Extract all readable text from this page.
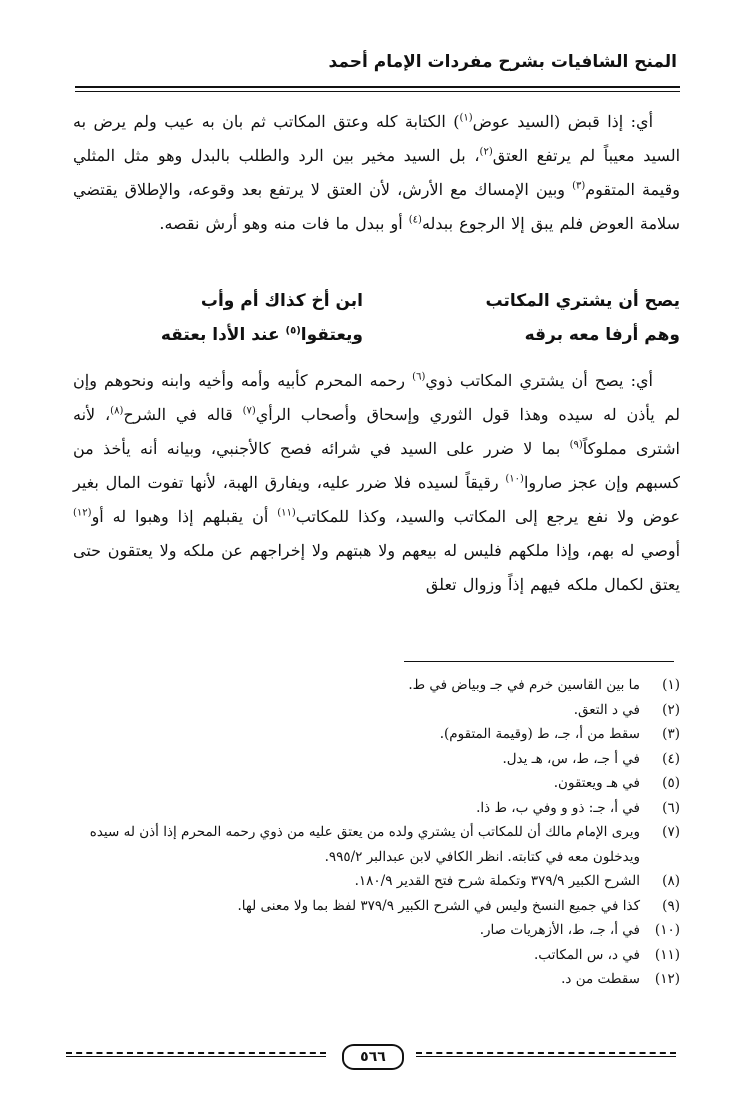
المنح الشافيات بشرح مفردات الإمام أحمد
أي: إذا قبض (السيد عوض$^{(١)}$) الكتابة كله وعتق المكاتب ثم بان به عيب ولم يرض به السيد معيباً لم يرتفع العتق$^{(٢)}$، بل السيد مخير بين الرد والطلب بالبدل وهو مثل المثلي وقيمة المتقوم$^{(٣)}$ وبين الإمساك مع الأرش، لأن العتق لا يرتفع بعد وقوعه، والإطلاق يقتضي سلامة العوض فلم يبق إلا الرجوع ببدله$^{(٤)}$ أو ببدل ما فات منه وهو أرش نقصه.
يصح أن يشتري المكاتب
ابن أخ كذاك أم وأب
وهم أرفا معه برقه
ويعتقوا$^{(٥)}$ عند الأدا بعتقه
أي: يصح أن يشتري المكاتب ذوي$^{(٦)}$ رحمه المحرم كأبيه وأمه وأخيه وابنه ونحوهم وإن لم يأذن له سيده وهذا قول الثوري وإسحاق وأصحاب الرأي$^{(٧)}$ قاله في الشرح$^{(٨)}$، لأنه اشترى مملوكاً$^{(٩)}$ بما لا ضرر على السيد في شرائه فصح كالأجنبي، وبيانه أنه يأخذ من كسبهم وإن عجز صاروا$^{(١٠)}$ رقيقاً لسيده فلا ضرر عليه، ويفارق الهبة، لأنها تفوت المال بغير عوض ولا نفع يرجع إلى المكاتب والسيد، وكذا للمكاتب$^{(١١)}$ أن يقبلهم إذا وهبوا له أو$^{(١٢)}$ أوصي له بهم، وإذا ملكهم فليس له بيعهم ولا هبتهم ولا إخراجهم عن ملكه ولا يعتقون حتى يعتق لكمال ملكه فيهم إذاً وزوال تعلق
(١)
ما بين القاسين خرم في جـ وبياض في ط.
(٢)
في د التعق.
(٣)
سقط من أ، جـ، ط (وقيمة المتقوم).
(٤)
في أ جـ، ط، س، هـ يدل.
(٥)
في هـ ويعتقون.
(٦)
في أ، جـ: ذو و وفي ب، ط ذا.
(٧)
ويرى الإمام مالك أن للمكاتب أن يشتري ولده من يعتق عليه من ذوي رحمه المحرم إذا أذن له سيده ويدخلون معه في كتابته. انظر الكافي لابن عبدالبر ٩٩٥/٢.
(٨)
الشرح الكبير ٣٧٩/٩ وتكملة شرح فتح القدير ١٨٠/٩.
(٩)
كذا في جميع النسخ وليس في الشرح الكبير ٣٧٩/٩ لفظ بما ولا معنى لها.
(١٠)
في أ، جـ، ط، الأزهريات صار.
(١١)
في د، س المكاتب.
(١٢)
سقطت من د.
٥٦٦
